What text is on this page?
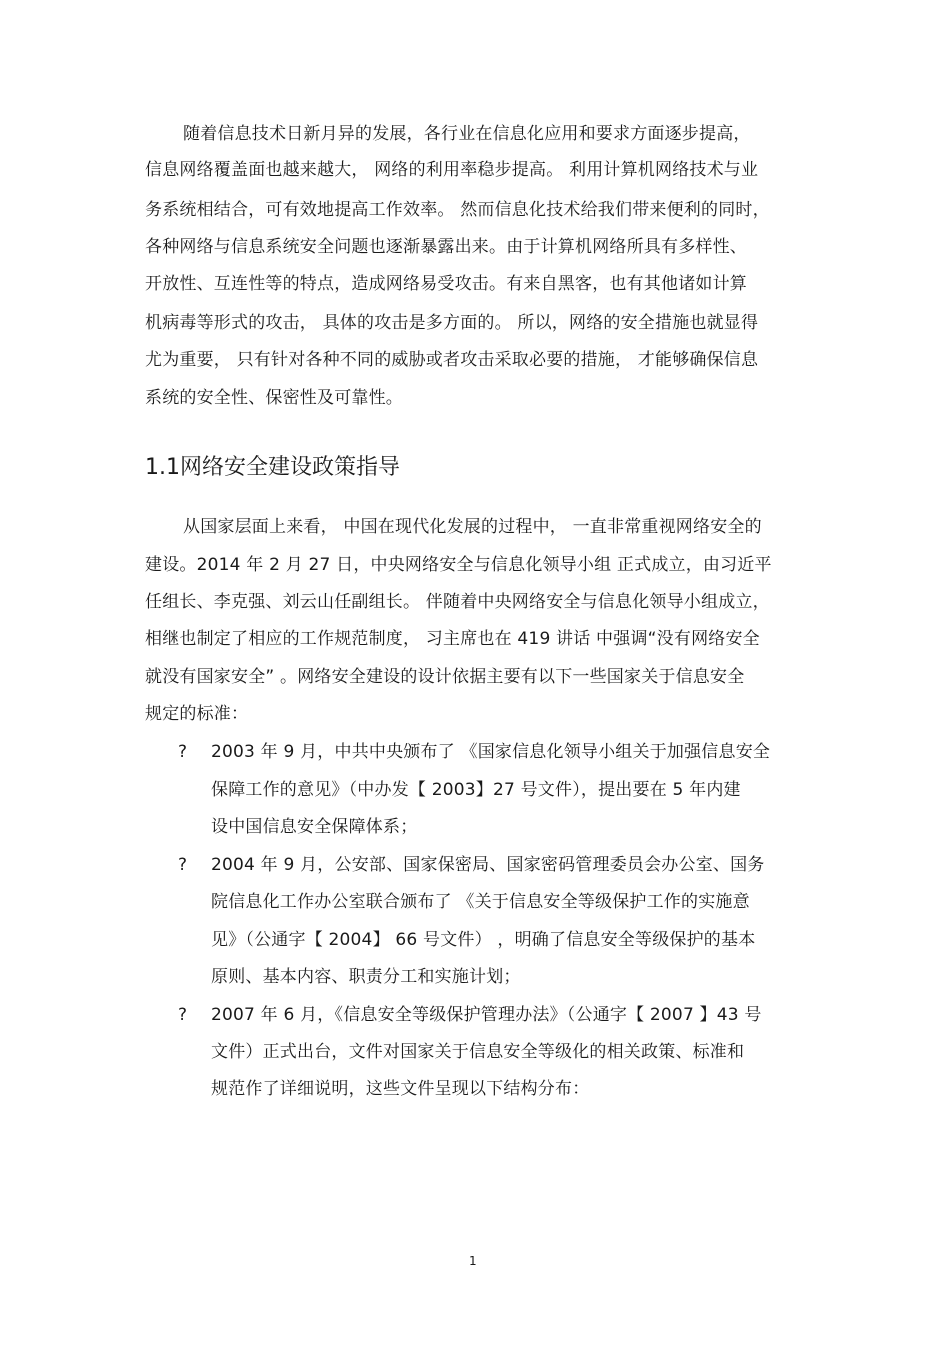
随着信息技术日新月异的发展，各行业在信息化应用和要求方面逐步提高，
信息网络覆盖面也越来越大， 网络的利用率稳步提高。 利用计算机网络技术与业
务系统相结合，可有效地提高工作效率。 然而信息化技术给我们带来便利的同时，
各种网络与信息系统安全问题也逐渐暴露出来。由于计算机网络所具有多样性、
开放性、互连性等的特点，造成网络易受攻击。有来自黑客，也有其他诸如计算
机病毒等形式的攻击， 具体的攻击是多方面的。 所以，网络的安全措施也就显得
尤为重要， 只有针对各种不同的威胁或者攻击采取必要的措施， 才能够确保信息
系统的安全性、保密性及可靠性。
1.1网络安全建设政策指导
从国家层面上来看， 中国在现代化发展的过程中， 一直非常重视网络安全的
建设。2014 年 2 月 27 日，中央网络安全与信息化领导小组 正式成立，由习近平
任组长、李克强、刘云山任副组长。 伴随着中央网络安全与信息化领导小组成立，
相继也制定了相应的工作规范制度， 习主席也在 419 讲话 中强调“没有网络安全
就没有国家安全” 。网络安全建设的设计依据主要有以下一些国家关于信息安全
规定的标准：
? 2003 年 9 月，中共中央颁布了 《国家信息化领导小组关于加强信息安全
保障工作的意见》（中办发【 2003】27 号文件），提出要在 5 年内建
设中国信息安全保障体系；
? 2004 年 9 月，公安部、国家保密局、国家密码管理委员会办公室、国务
院信息化工作办公室联合颁布了 《关于信息安全等级保护工作的实施意
见》（公通字【 2004】 66 号文件） ，明确了信息安全等级保护的基本
原则、基本内容、职责分工和实施计划；
? 2007 年 6 月，《信息安全等级保护管理办法》（公通字【 2007 】43 号
文件）正式出台，文件对国家关于信息安全等级化的相关政策、标准和
规范作了详细说明，这些文件呈现以下结构分布：
1
